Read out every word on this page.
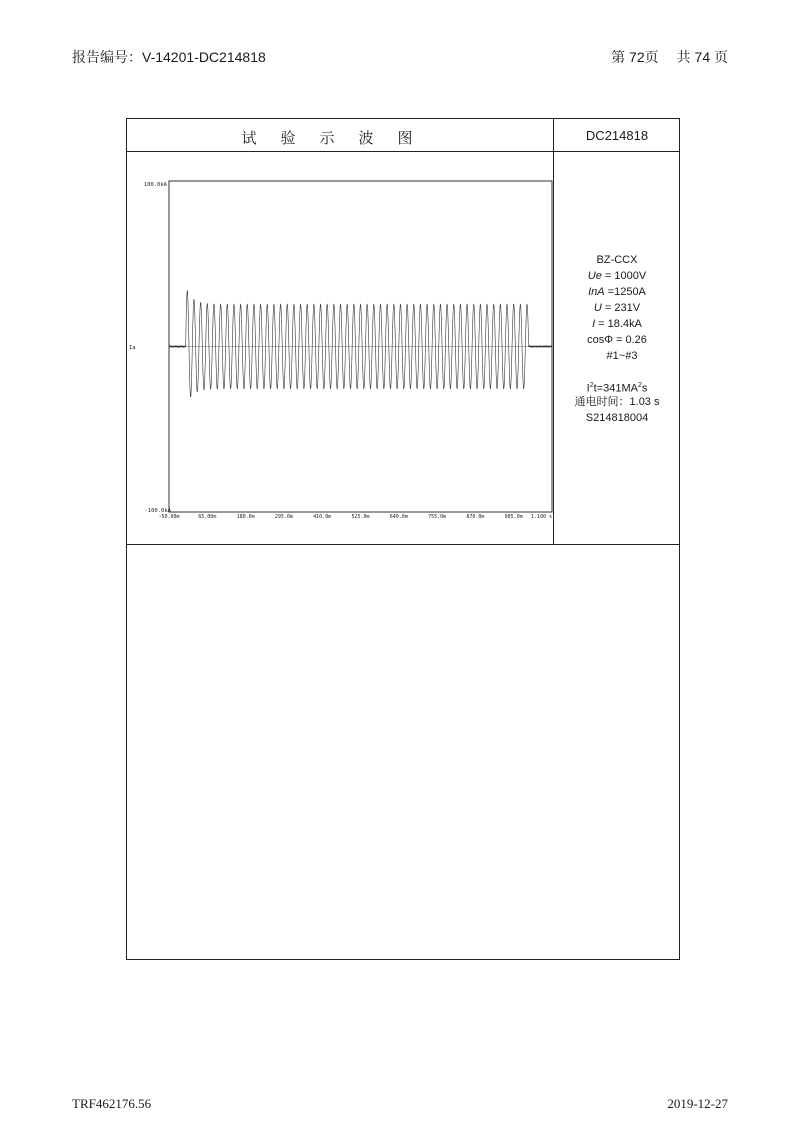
报告编号：V-14201-DC214818	第 72页 共 74 页
试验示波图	DC214818
100.0kA
-100.0kA
Ia
-50.00m	65.00m	180.0m	295.0m	410.0m	525.0m	640.0m	755.0m	870.0m	985.0m 1.100 s
BZ-CCX
Ue = 1000V
InA =1250A
U = 231V
I = 18.4kA
cosΦ = 0.26
#1~#3
$I^2t=341MA^2s$
通电时间：1.03 s
S214818004
TRF462176.56	2019-12-27
